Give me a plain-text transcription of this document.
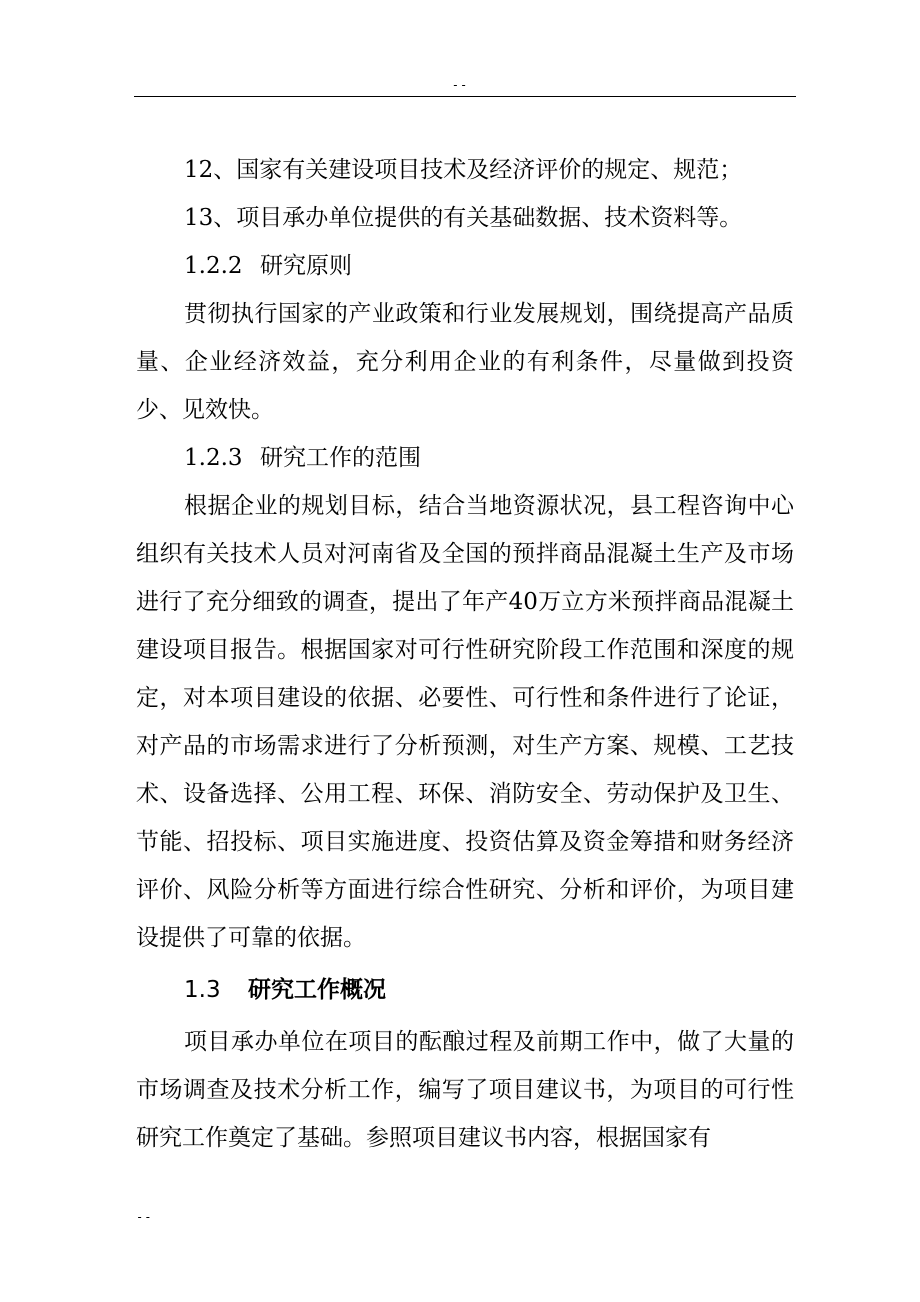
--

12、国家有关建设项目技术及经济评价的规定、规范；

13、项目承办单位提供的有关基础数据、技术资料等。

1.2.2 研究原则

贯彻执行国家的产业政策和行业发展规划，围绕提高产品质量、企业经济效益，充分利用企业的有利条件，尽量做到投资少、见效快。

1.2.3 研究工作的范围

根据企业的规划目标，结合当地资源状况，县工程咨询中心组织有关技术人员对河南省及全国的预拌商品混凝土生产及市场进行了充分细致的调查，提出了年产40万立方米预拌商品混凝土建设项目报告。根据国家对可行性研究阶段工作范围和深度的规定，对本项目建设的依据、必要性、可行性和条件进行了论证，对产品的市场需求进行了分析预测，对生产方案、规模、工艺技术、设备选择、公用工程、环保、消防安全、劳动保护及卫生、节能、招投标、项目实施进度、投资估算及资金筹措和财务经济评价、风险分析等方面进行综合性研究、分析和评价，为项目建设提供了可靠的依据。

1.3 研究工作概况

项目承办单位在项目的酝酿过程及前期工作中，做了大量的市场调查及技术分析工作，编写了项目建议书，为项目的可行性研究工作奠定了基础。参照项目建议书内容，根据国家有

--
